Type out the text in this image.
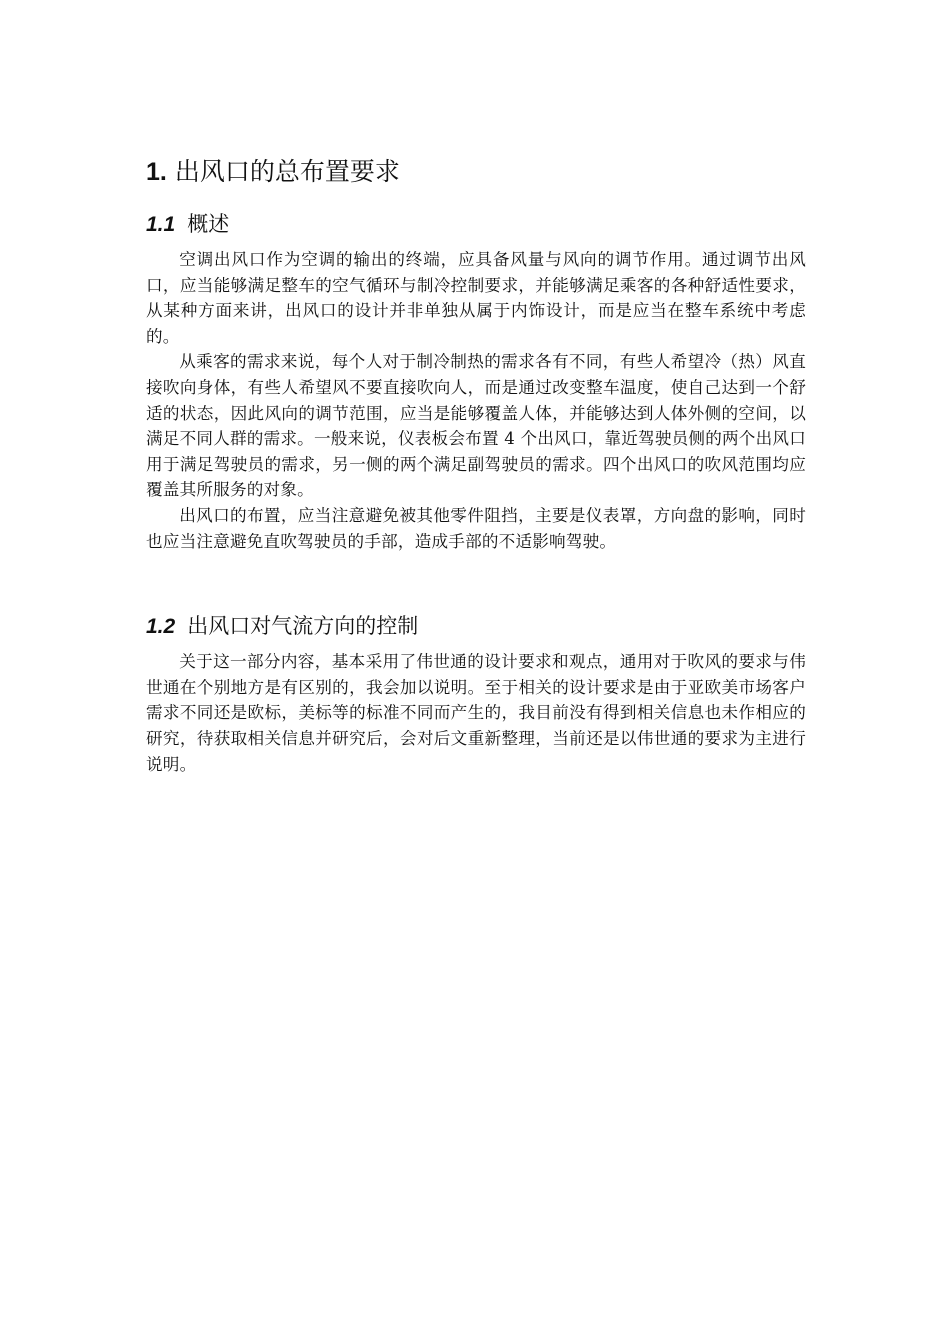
1. 出风口的总布置要求
1.1 概述

空调出风口作为空调的输出的终端，应具备风量与风向的调节作用。通过调节出风口，应当能够满足整车的空气循环与制冷控制要求，并能够满足乘客的各种舒适性要求，从某种方面来讲，出风口的设计并非单独从属于内饰设计，而是应当在整车系统中考虑的。

从乘客的需求来说，每个人对于制冷制热的需求各有不同，有些人希望冷（热）风直接吹向身体，有些人希望风不要直接吹向人，而是通过改变整车温度，使自己达到一个舒适的状态，因此风向的调节范围，应当是能够覆盖人体，并能够达到人体外侧的空间，以满足不同人群的需求。一般来说，仪表板会布置 4 个出风口，靠近驾驶员侧的两个出风口用于满足驾驶员的需求，另一侧的两个满足副驾驶员的需求。四个出风口的吹风范围均应覆盖其所服务的对象。

出风口的布置，应当注意避免被其他零件阻挡，主要是仪表罩，方向盘的影响，同时也应当注意避免直吹驾驶员的手部，造成手部的不适影响驾驶。

1.2 出风口对气流方向的控制

关于这一部分内容，基本采用了伟世通的设计要求和观点，通用对于吹风的要求与伟世通在个别地方是有区别的，我会加以说明。至于相关的设计要求是由于亚欧美市场客户需求不同还是欧标，美标等的标准不同而产生的，我目前没有得到相关信息也未作相应的研究，待获取相关信息并研究后，会对后文重新整理，当前还是以伟世通的要求为主进行说明。
